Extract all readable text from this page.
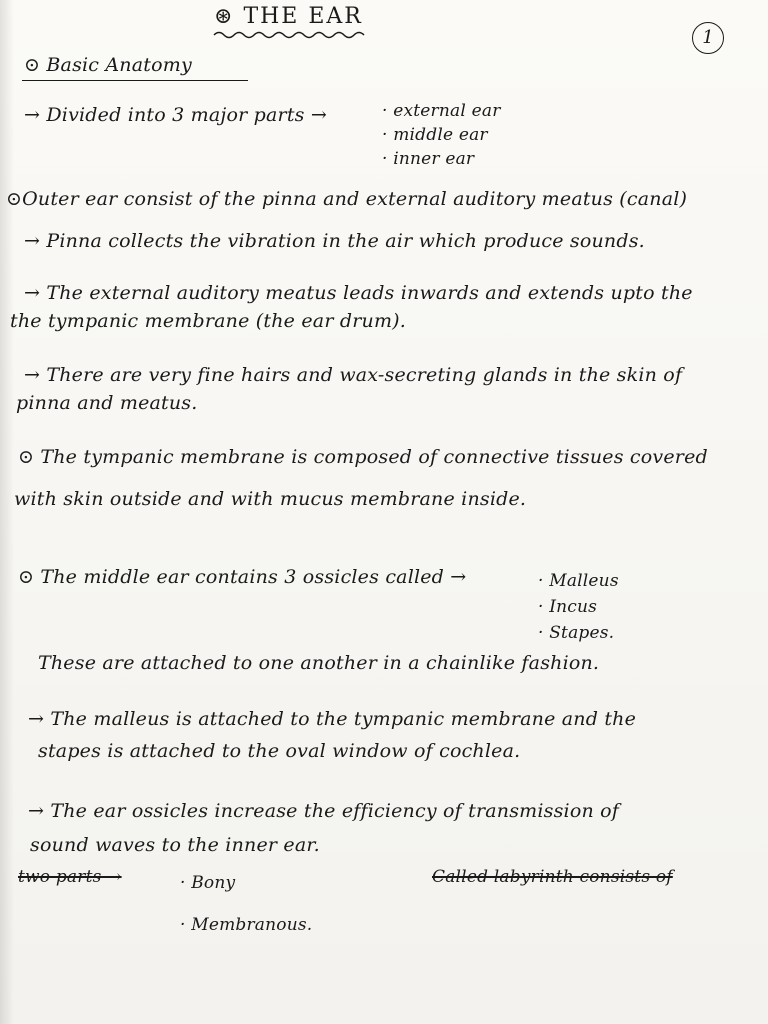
⊛ THE EAR
1
⊙ Basic Anatomy
→ Divided into 3 major parts →	· external ear
· middle ear
· inner ear
⊙Outer ear consist of the pinna and external auditory meatus (canal)
→ Pinna collects the vibration in the air which produce sounds.
→ The external auditory meatus leads inwards and extends upto the
the tympanic membrane (the ear drum).
→ There are very fine hairs and wax-secreting glands in the skin of
pinna and meatus.
⊙ The tympanic membrane is composed of connective tissues covered
with skin outside and with mucus membrane inside.
⊙ The middle ear contains 3 ossicles called →	· Malleus
· Incus
· Stapes.
These are attached to one another in a chainlike fashion.
→ The malleus is attached to the tympanic membrane and the
stapes is attached to the oval window of cochlea.
→ The ear ossicles increase the efficiency of transmission of
sound waves to the inner ear.
Called labyrinth consists of
two parts →	· Bony
· Membranous.
